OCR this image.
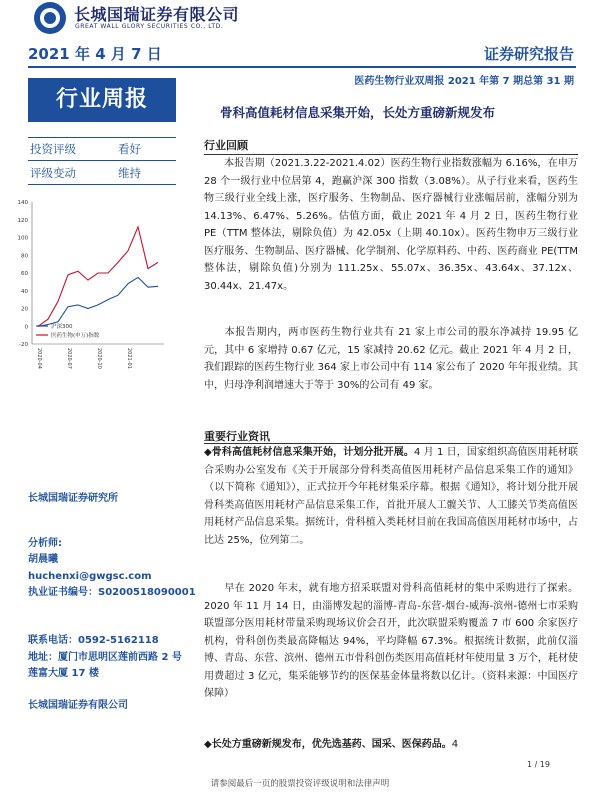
长城国瑞证券有限公司
GREAT WALL GLORY SECURITIES CO., LTD.
2021 年 4 月 7 日	证券研究报告
医药生物行业双周报 2021 年第 7 期总第 31 期
行业周报
骨科高值耗材信息采集开始，长处方重磅新规发布
投资评级	看好
评级变动	维持
140
120
100
80
60
40
20
0
-20
2020-04	2020-07	2020-10	2021-01
沪深300
医药生物(申万)指数
长城国瑞证券研究所
分析师:
胡晨曦
huchenxi@gwgsc.com
执业证书编号：S0200518090001
联系电话：0592-5162118
地址：厦门市思明区莲前西路 2 号
莲富大厦 17 楼
长城国瑞证券有限公司
行业回顾
本报告期（2021.3.22-2021.4.02）医药生物行业指数涨幅为 6.16%，在申万 28 个一级行业中位居第 4，跑赢沪深 300 指数（3.08%）。从子行业来看，医药生物三级行业全线上涨，医疗服务、生物制品、医疗器械行业涨幅居前，涨幅分别为 14.13%、6.47%、5.26%。估值方面，截止 2021 年 4 月 2 日，医药生物行业 PE（TTM 整体法，剔除负值）为 42.05x（上期 40.10x）。医药生物申万三级行业医疗服务、生物制品、医疗器械、化学制剂、化学原料药、中药、医药商业 PE(TTM 整体法，剔除负值)分别为 111.25x、55.07x、36.35x、43.64x、37.12x、30.44x、21.47x。
本报告期内，两市医药生物行业共有 21 家上市公司的股东净减持 19.95 亿元，其中 6 家增持 0.67 亿元，15 家减持 20.62 亿元。截止 2021 年 4 月 2 日，我们跟踪的医药生物行业 364 家上市公司中有 114 家公布了 2020 年年报业绩。其中，归母净利润增速大于等于 30%的公司有 49 家。
重要行业资讯
◆骨科高值耗材信息采集开始，计划分批开展。4 月 1 日，国家组织高值医用耗材联合采购办公室发布《关于开展部分骨科类高值医用耗材产品信息采集工作的通知》（以下简称《通知》），正式拉开今年耗材集采序幕。根据《通知》，将计划分批开展骨科类高值医用耗材产品信息采集工作，首批开展人工髋关节、人工膝关节类高值医用耗材产品信息采集。据统计，骨科植入类耗材目前在我国高值医用耗材市场中，占比达 25%，位列第二。
早在 2020 年末，就有地方招采联盟对骨科高值耗材的集中采购进行了探索。2020 年 11 月 14 日，由淄博发起的淄博-青岛-东营-烟台-威海-滨州-德州七市采购联盟部分医用耗材带量采购现场议价会召开，此次联盟采购覆盖 7 市 600 余家医疗机构，骨科创伤类最高降幅达 94%，平均降幅 67.3%。根据统计数据，此前仅淄博、青岛、东营、滨州、德州五市骨科创伤类医用高值耗材年使用量 3 万个，耗材使用费超过 3 亿元，集采能够节约的医保基金体量将数以亿计。（资料来源：中国医疗保障）
◆长处方重磅新规发布，优先选基药、国采、医保药品。4
1 / 19
请参阅最后一页的股票投资评级说明和法律声明
